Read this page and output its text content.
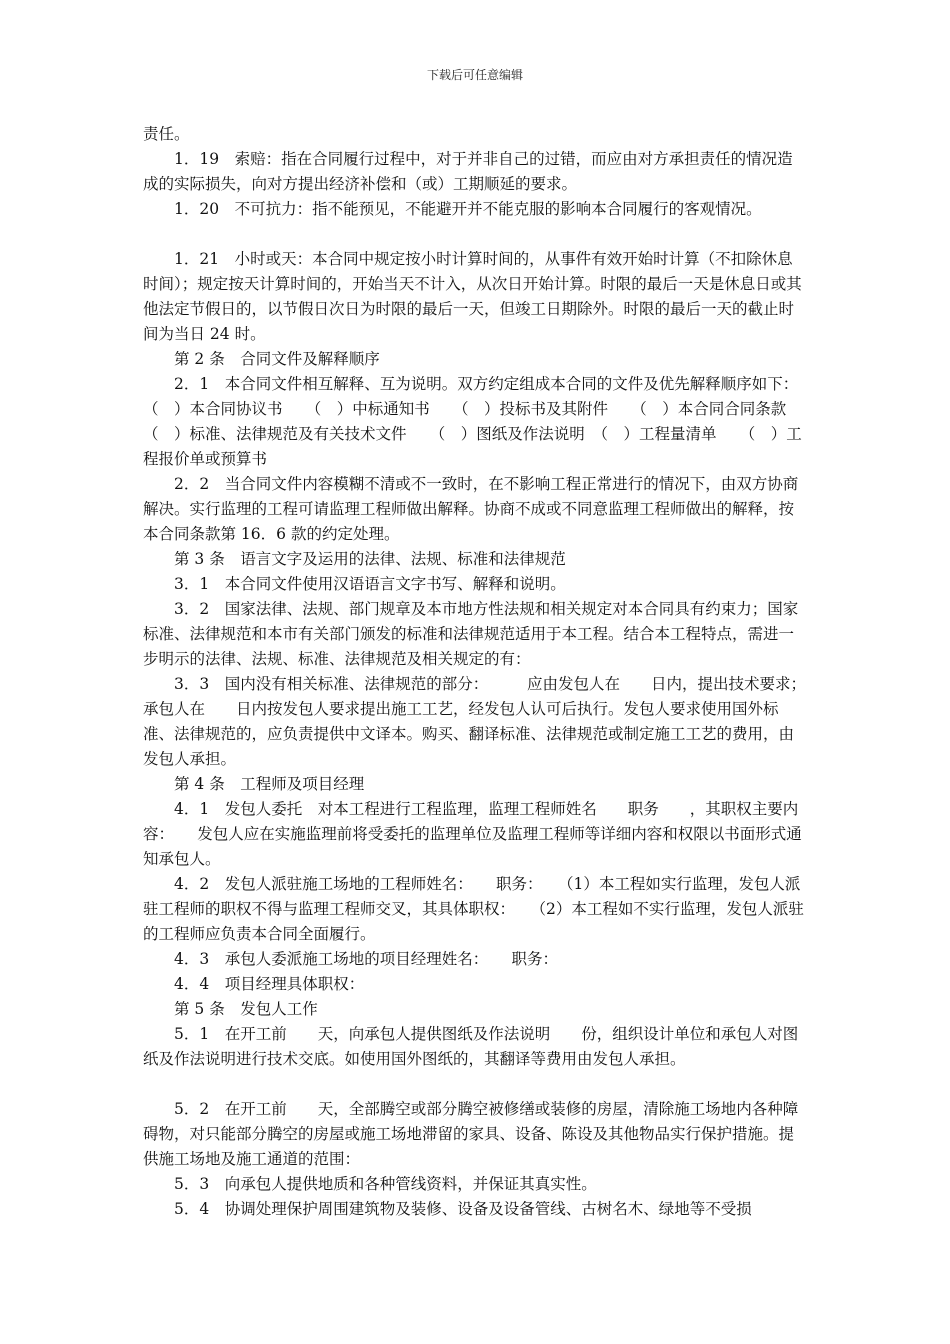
下载后可任意编辑

责任。

1．19　索赔：指在合同履行过程中，对于并非自己的过错，而应由对方承担责任的情况造成的实际损失，向对方提出经济补偿和（或）工期顺延的要求。

1．20　不可抗力：指不能预见，不能避开并不能克服的影响本合同履行的客观情况。

1．21　小时或天：本合同中规定按小时计算时间的，从事件有效开始时计算（不扣除休息时间）；规定按天计算时间的，开始当天不计入，从次日开始计算。时限的最后一天是休息日或其他法定节假日的，以节假日次日为时限的最后一天，但竣工日期除外。时限的最后一天的截止时间为当日 24 时。

第 2 条　合同文件及解释顺序

2．1　本合同文件相互解释、互为说明。双方约定组成本合同的文件及优先解释顺序如下：　　（　）本合同协议书　　（　）中标通知书　　（　）投标书及其附件　　（　）本合同合同条款　　（　）标准、法律规范及有关技术文件　　（　）图纸及作法说明　（　）工程量清单　　（　）工程报价单或预算书

2．2　当合同文件内容模糊不清或不一致时，在不影响工程正常进行的情况下，由双方协商解决。实行监理的工程可请监理工程师做出解释。协商不成或不同意监理工程师做出的解释，按本合同条款第 16．6 款的约定处理。

第 3 条　语言文字及运用的法律、法规、标准和法律规范

3．1　本合同文件使用汉语语言文字书写、解释和说明。

3．2　国家法律、法规、部门规章及本市地方性法规和相关规定对本合同具有约束力；国家标准、法律规范和本市有关部门颁发的标准和法律规范适用于本工程。结合本工程特点，需进一步明示的法律、法规、标准、法律规范及相关规定的有：

3．3　国内没有相关标准、法律规范的部分：　　　应由发包人在　　日内，提出技术要求；承包人在　　日内按发包人要求提出施工工艺，经发包人认可后执行。发包人要求使用国外标准、法律规范的，应负责提供中文译本。购买、翻译标准、法律规范或制定施工工艺的费用，由发包人承担。

第 4 条　工程师及项目经理

4．1　发包人委托　对本工程进行工程监理，监理工程师姓名　　职务　　，其职权主要内容：　　发包人应在实施监理前将受委托的监理单位及监理工程师等详细内容和权限以书面形式通知承包人。

4．2　发包人派驻施工场地的工程师姓名：　　职务：　　（1）本工程如实行监理，发包人派驻工程师的职权不得与监理工程师交叉，其具体职权：　　（2）本工程如不实行监理，发包人派驻的工程师应负责本合同全面履行。

4．3　承包人委派施工场地的项目经理姓名：　　职务：

4．4　项目经理具体职权：

第 5 条　发包人工作

5．1　在开工前　　天，向承包人提供图纸及作法说明　　份，组织设计单位和承包人对图纸及作法说明进行技术交底。如使用国外图纸的，其翻译等费用由发包人承担。

5．2　在开工前　　天，全部腾空或部分腾空被修缮或装修的房屋，清除施工场地内各种障碍物，对只能部分腾空的房屋或施工场地滞留的家具、设备、陈设及其他物品实行保护措施。提供施工场地及施工通道的范围：

5．3　向承包人提供地质和各种管线资料，并保证其真实性。

5．4　协调处理保护周围建筑物及装修、设备及设备管线、古树名木、绿地等不受损
